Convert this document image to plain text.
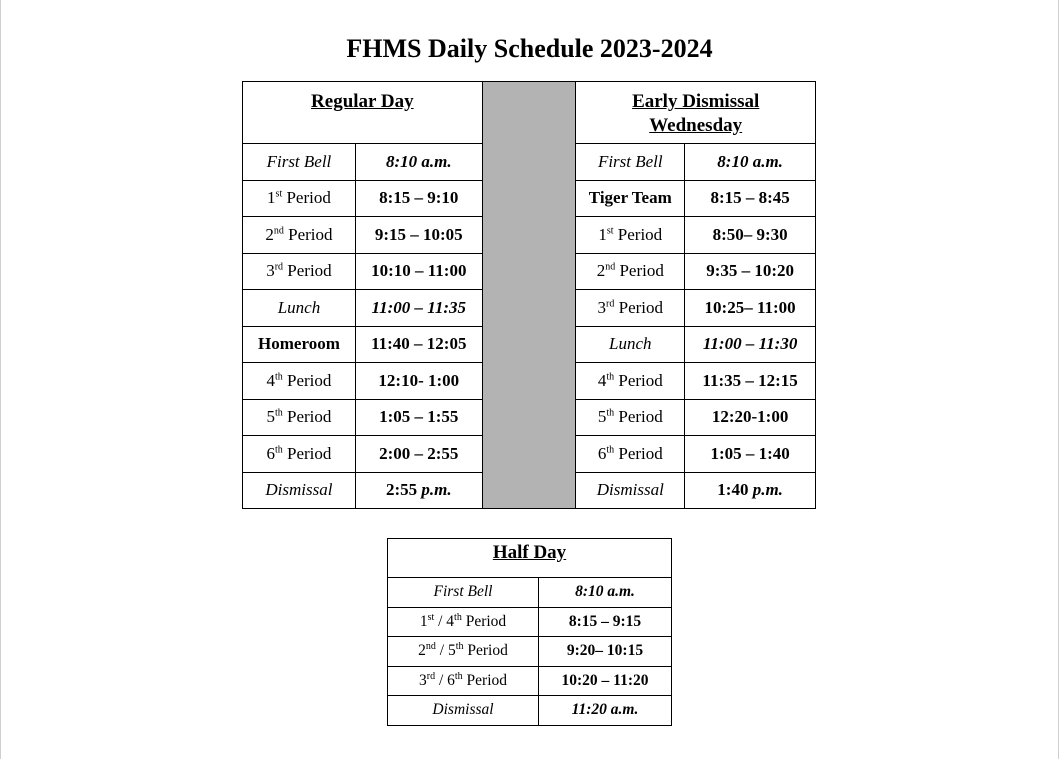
FHMS Daily Schedule 2023-2024
Regular Day			Early Dismissal
Wednesday	
First Bell	8:10 a.m.		First Bell	8:10 a.m.
1st Period	8:15 – 9:10		Tiger Team	8:15 – 8:45
2nd Period	9:15 – 10:05		1st Period	8:50– 9:30
3rd Period	10:10 – 11:00		2nd Period	9:35 – 10:20
Lunch	11:00 – 11:35		3rd Period	10:25– 11:00
Homeroom	11:40 – 12:05		Lunch	11:00 – 11:30
4th Period	12:10- 1:00		4th Period	11:35 – 12:15
5th Period	1:05 – 1:55		5th Period	12:20-1:00
6th Period	2:00 – 2:55		6th Period	1:05 – 1:40
Dismissal	2:55 p.m.		Dismissal	1:40 p.m.
Half Day	
First Bell	8:10 a.m.
1st / 4th Period	8:15 – 9:15
2nd / 5th Period	9:20– 10:15
3rd / 6th Period	10:20 – 11:20
Dismissal	11:20 a.m.
